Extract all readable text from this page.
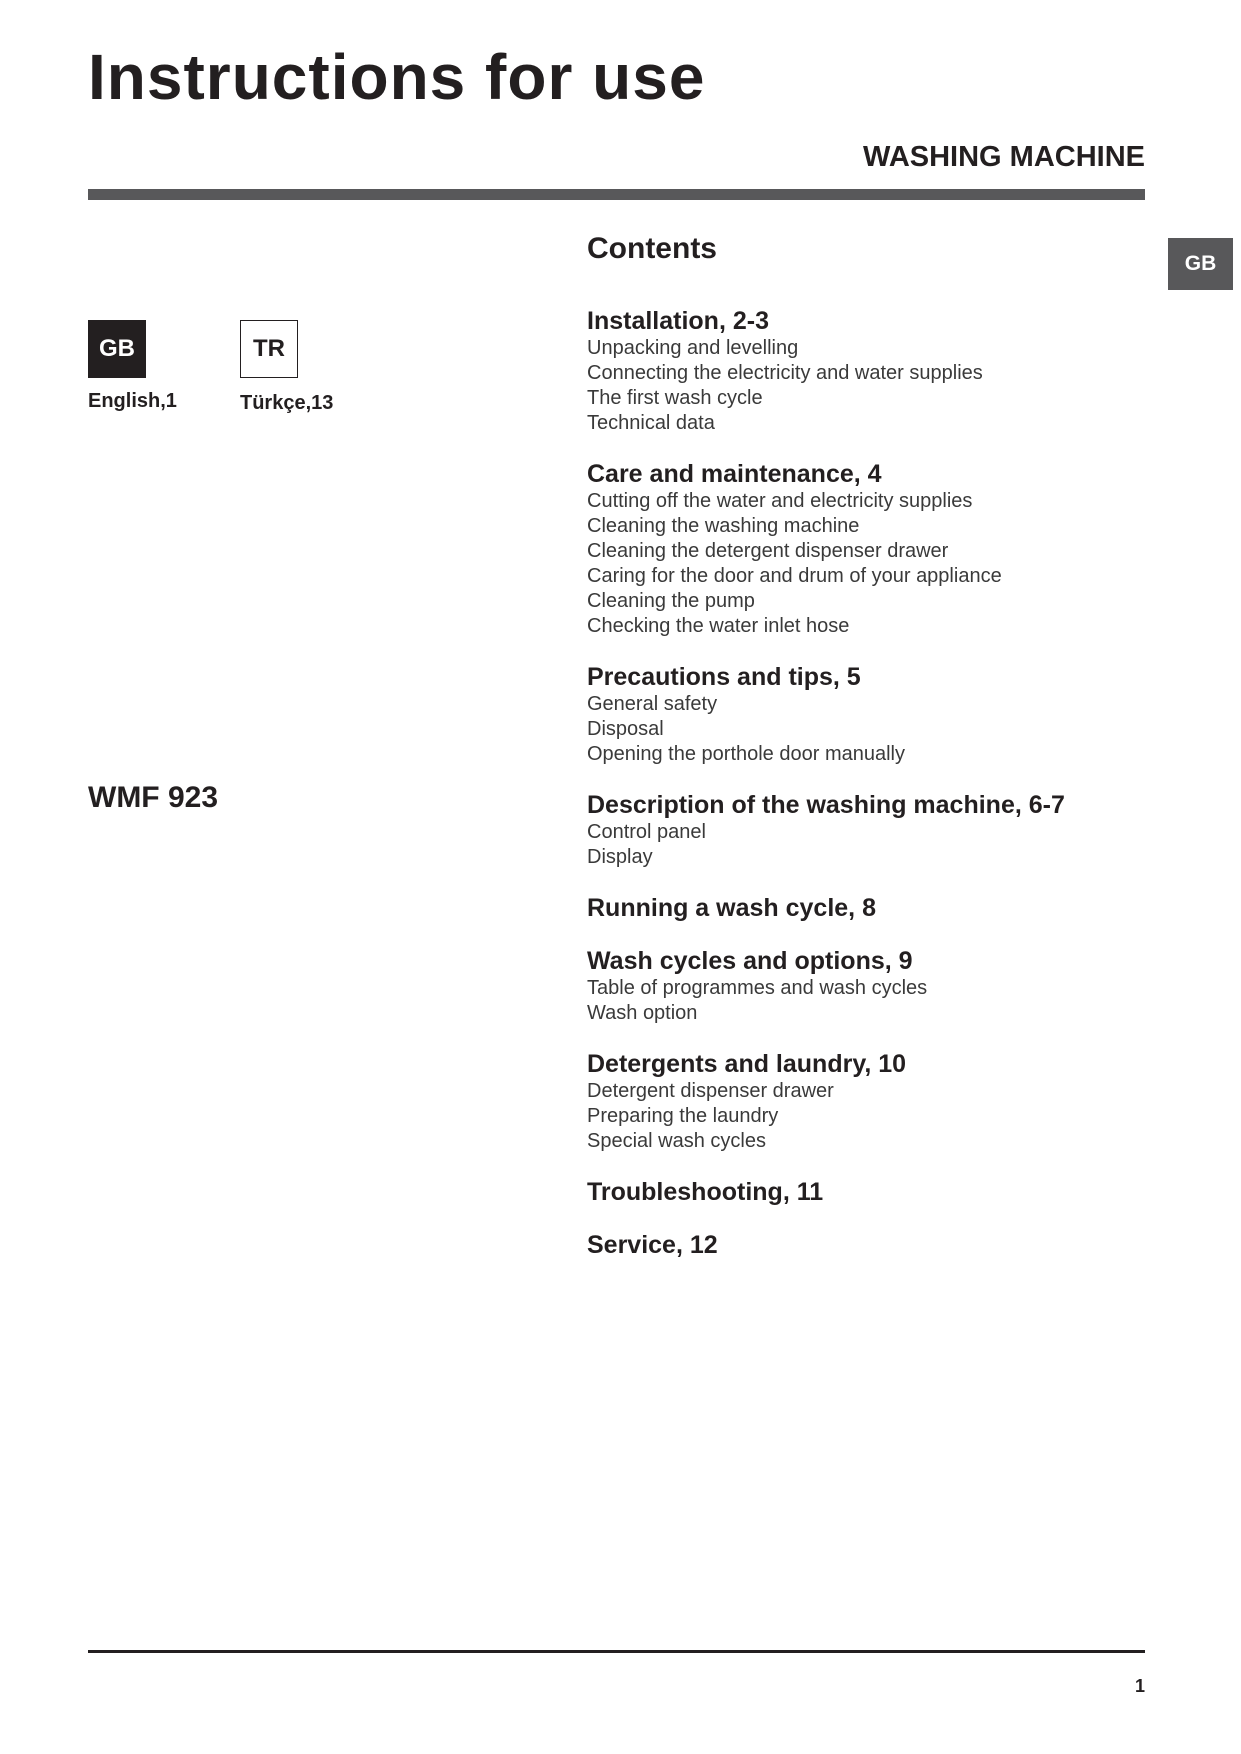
Instructions for use
WASHING MACHINE
GB
GB
English,1
TR
Türkçe,13
WMF 923
Contents
Installation, 2-3
Unpacking and levelling
Connecting the electricity and water supplies
The first wash cycle
Technical data
Care and maintenance, 4
Cutting off the water and electricity supplies
Cleaning the washing machine
Cleaning the detergent dispenser drawer
Caring for the door and drum of your appliance
Cleaning the pump
Checking the water inlet hose
Precautions and tips, 5
General safety
Disposal
Opening the porthole door manually
Description of the washing machine, 6-7
Control panel
Display
Running a wash cycle, 8
Wash cycles and options, 9
Table of programmes and wash cycles
Wash option
Detergents and laundry, 10
Detergent dispenser drawer
Preparing the laundry
Special wash cycles
Troubleshooting, 11
Service, 12
1
